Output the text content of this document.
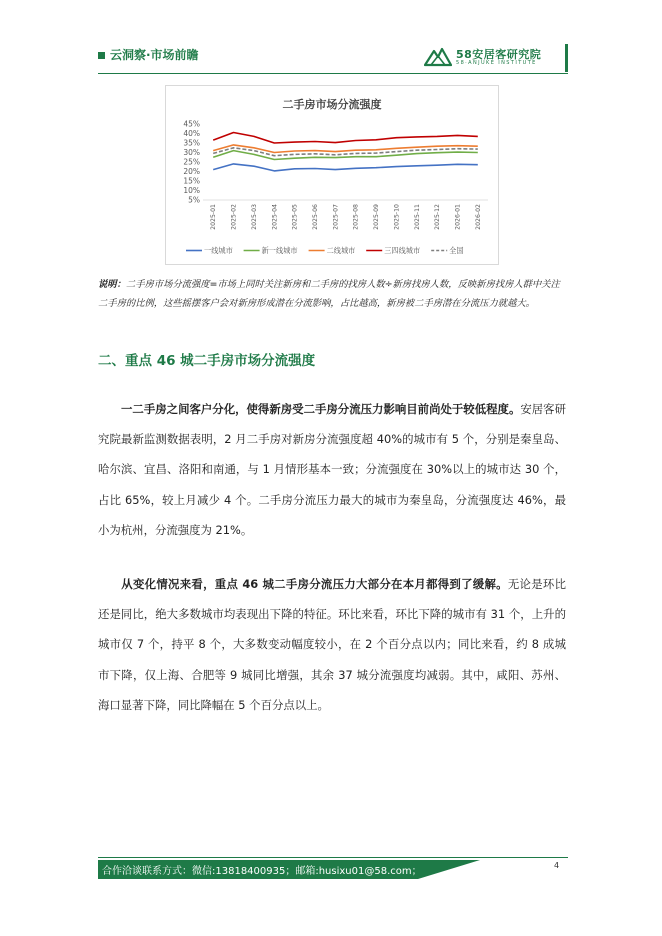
云洞察·市场前瞻	58安居客研究院
58·ANJUKE INSTITUTE
二手房市场分流强度
45%
40%
35%
30%
25%
20%
15%
10%
5%
2025-01 2025-02 2025-03 2025-04 2025-05 2025-06 2025-07 2025-08 2025-09 2025-10 2025-11 2025-12 2026-01 2026-02
一线城市	新一线城市	二线城市	三四线城市	全国
说明：二手房市场分流强度=市场上同时关注新房和二手房的找房人数÷新房找房人数，反映新房找房人群中关注二手房的比例，这些摇摆客户会对新房形成潜在分流影响，占比越高，新房被二手房潜在分流压力就越大。
二、重点 46 城二手房市场分流强度
一二手房之间客户分化，使得新房受二手房分流压力影响目前尚处于较低程度。安居客研究院最新监测数据表明，2 月二手房对新房分流强度超 40%的城市有 5 个，分别是秦皇岛、哈尔滨、宜昌、洛阳和南通，与 1 月情形基本一致；分流强度在 30%以上的城市达 30 个，占比 65%，较上月减少 4 个。二手房分流压力最大的城市为秦皇岛，分流强度达 46%，最小为杭州，分流强度为 21%。
从变化情况来看，重点 46 城二手房分流压力大部分在本月都得到了缓解。无论是环比还是同比，绝大多数城市均表现出下降的特征。环比来看，环比下降的城市有 31 个，上升的城市仅 7 个，持平 8 个，大多数变动幅度较小，在 2 个百分点以内；同比来看，约 8 成城市下降，仅上海、合肥等 9 城同比增强，其余 37 城分流强度均减弱。其中，咸阳、苏州、海口显著下降，同比降幅在 5 个百分点以上。
合作洽谈联系方式：微信:13818400935；邮箱:husixu01@58.com；
4
